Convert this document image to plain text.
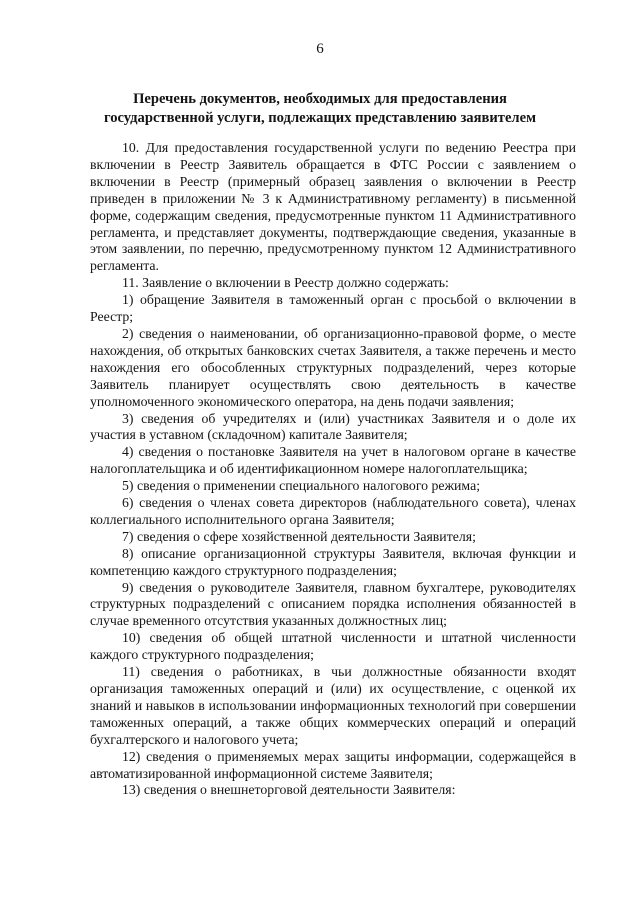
6
Перечень документов, необходимых для предоставления
государственной услуги, подлежащих представлению заявителем

10. Для предоставления государственной услуги по ведению Реестра при
включении в Реестр Заявитель обращается в ФТС России с заявлением о
включении в Реестр (примерный образец заявления о включении в Реестр
приведен в приложении № 3 к Административному регламенту) в письменной
форме, содержащим сведения, предусмотренные пунктом 11 Административного
регламента, и представляет документы, подтверждающие сведения, указанные в
этом заявлении, по перечню, предусмотренному пунктом 12 Административного
регламента.

11. Заявление о включении в Реестр должно содержать:

1) обращение Заявителя в таможенный орган с просьбой о включении в
Реестр;

2) сведения о наименовании, об организационно-правовой форме, о месте
нахождения, об открытых банковских счетах Заявителя, а также перечень и место
нахождения его обособленных структурных подразделений, через которые
Заявитель планирует осуществлять свою деятельность в качестве
уполномоченного экономического оператора, на день подачи заявления;

3) сведения об учредителях и (или) участниках Заявителя и о доле их
участия в уставном (складочном) капитале Заявителя;

4) сведения о постановке Заявителя на учет в налоговом органе в качестве
налогоплательщика и об идентификационном номере налогоплательщика;

5) сведения о применении специального налогового режима;

6) сведения о членах совета директоров (наблюдательного совета), членах
коллегиального исполнительного органа Заявителя;

7) сведения о сфере хозяйственной деятельности Заявителя;

8) описание организационной структуры Заявителя, включая функции и
компетенцию каждого структурного подразделения;

9) сведения о руководителе Заявителя, главном бухгалтере, руководителях
структурных подразделений с описанием порядка исполнения обязанностей в
случае временного отсутствия указанных должностных лиц;

10) сведения об общей штатной численности и штатной численности
каждого структурного подразделения;

11) сведения о работниках, в чьи должностные обязанности входят
организация таможенных операций и (или) их осуществление, с оценкой их
знаний и навыков в использовании информационных технологий при совершении
таможенных операций, а также общих коммерческих операций и операций
бухгалтерского и налогового учета;

12) сведения о применяемых мерах защиты информации, содержащейся в
автоматизированной информационной системе Заявителя;

13) сведения о внешнеторговой деятельности Заявителя:
